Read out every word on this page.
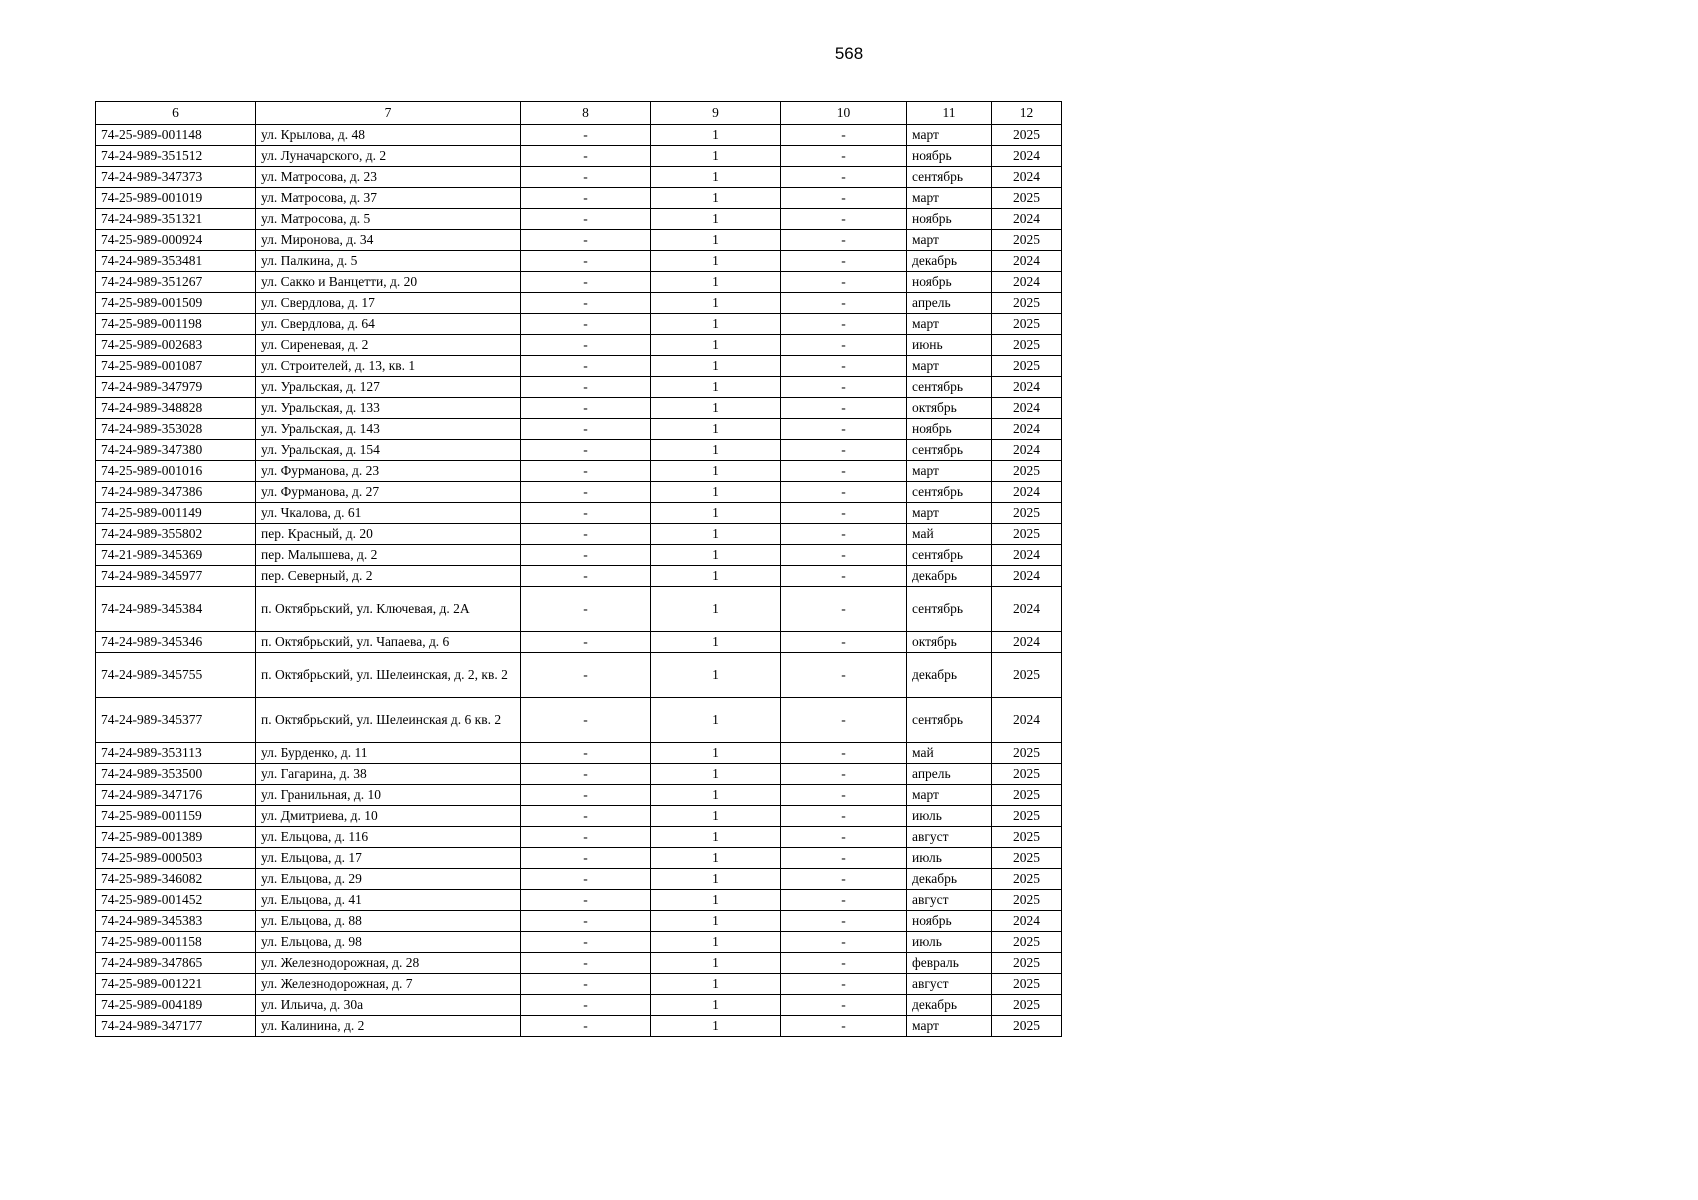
568
6	7	8	9	10	11	12
74-25-989-001148	ул. Крылова, д. 48	-	1	-	март	2025
74-24-989-351512	ул. Луначарского, д. 2	-	1	-	ноябрь	2024
74-24-989-347373	ул. Матросова, д. 23	-	1	-	сентябрь	2024
74-25-989-001019	ул. Матросова, д. 37	-	1	-	март	2025
74-24-989-351321	ул. Матросова, д. 5	-	1	-	ноябрь	2024
74-25-989-000924	ул. Миронова, д. 34	-	1	-	март	2025
74-24-989-353481	ул. Палкина, д. 5	-	1	-	декабрь	2024
74-24-989-351267	ул. Сакко и Ванцетти, д. 20	-	1	-	ноябрь	2024
74-25-989-001509	ул. Свердлова, д. 17	-	1	-	апрель	2025
74-25-989-001198	ул. Свердлова, д. 64	-	1	-	март	2025
74-25-989-002683	ул. Сиреневая, д. 2	-	1	-	июнь	2025
74-25-989-001087	ул. Строителей, д. 13, кв. 1	-	1	-	март	2025
74-24-989-347979	ул. Уральская, д. 127	-	1	-	сентябрь	2024
74-24-989-348828	ул. Уральская, д. 133	-	1	-	октябрь	2024
74-24-989-353028	ул. Уральская, д. 143	-	1	-	ноябрь	2024
74-24-989-347380	ул. Уральская, д. 154	-	1	-	сентябрь	2024
74-25-989-001016	ул. Фурманова, д. 23	-	1	-	март	2025
74-24-989-347386	ул. Фурманова, д. 27	-	1	-	сентябрь	2024
74-25-989-001149	ул. Чкалова, д. 61	-	1	-	март	2025
74-24-989-355802	пер. Красный, д. 20	-	1	-	май	2025
74-21-989-345369	пер. Малышева, д. 2	-	1	-	сентябрь	2024
74-24-989-345977	пер. Северный, д. 2	-	1	-	декабрь	2024
74-24-989-345384	п. Октябрьский, ул. Ключевая, д. 2А	-	1	-	сентябрь	2024
74-24-989-345346	п. Октябрьский, ул. Чапаева, д. 6	-	1	-	октябрь	2024
74-24-989-345755	п. Октябрьский, ул. Шелеинская, д. 2, кв. 2	-	1	-	декабрь	2025
74-24-989-345377	п. Октябрьский, ул. Шелеинская д. 6 кв. 2	-	1	-	сентябрь	2024
74-24-989-353113	ул. Бурденко, д. 11	-	1	-	май	2025
74-24-989-353500	ул. Гагарина, д. 38	-	1	-	апрель	2025
74-24-989-347176	ул. Гранильная, д. 10	-	1	-	март	2025
74-25-989-001159	ул. Дмитриева, д. 10	-	1	-	июль	2025
74-25-989-001389	ул. Ельцова, д. 116	-	1	-	август	2025
74-25-989-000503	ул. Ельцова, д. 17	-	1	-	июль	2025
74-25-989-346082	ул. Ельцова, д. 29	-	1	-	декабрь	2025
74-25-989-001452	ул. Ельцова, д. 41	-	1	-	август	2025
74-24-989-345383	ул. Ельцова, д. 88	-	1	-	ноябрь	2024
74-25-989-001158	ул. Ельцова, д. 98	-	1	-	июль	2025
74-24-989-347865	ул. Железнодорожная, д. 28	-	1	-	февраль	2025
74-25-989-001221	ул. Железнодорожная, д. 7	-	1	-	август	2025
74-25-989-004189	ул. Ильича, д. 30а	-	1	-	декабрь	2025
74-24-989-347177	ул. Калинина, д. 2	-	1	-	март	2025
